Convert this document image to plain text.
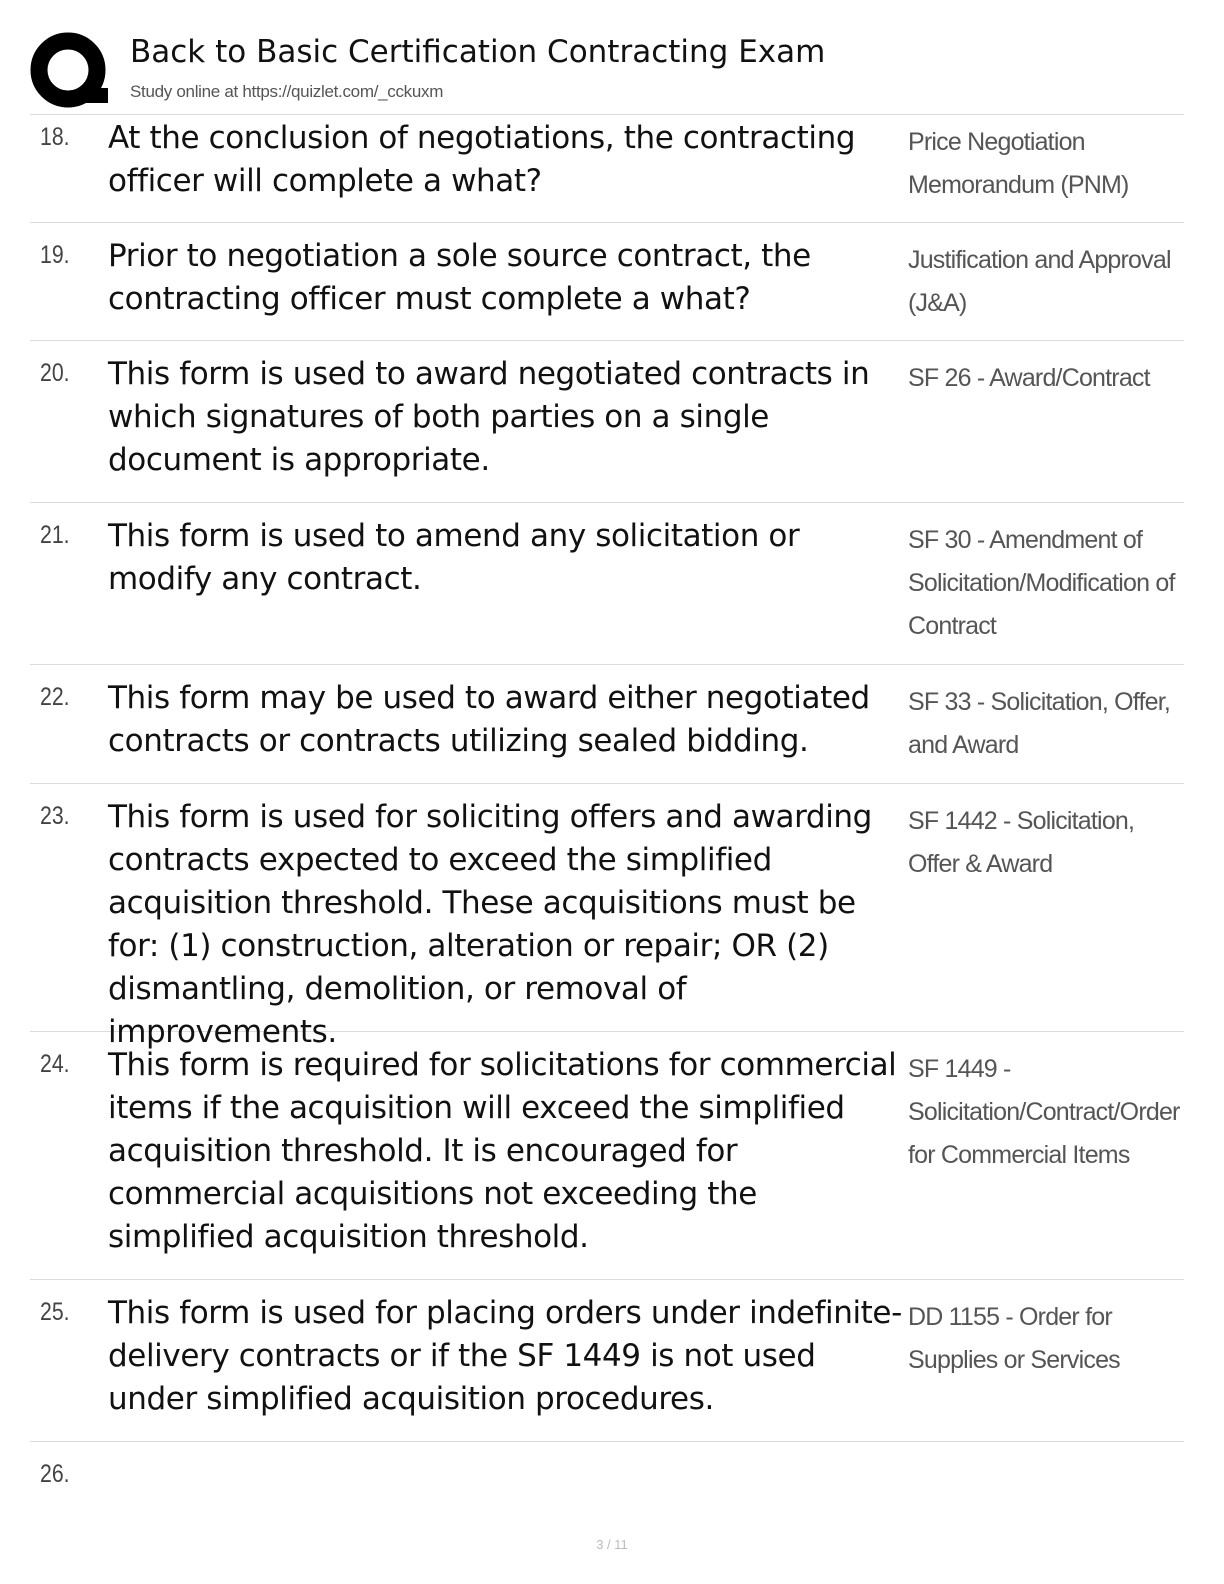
Back to Basic Certification Contracting Exam
Study online at https://quizlet.com/_cckuxm
18. At the conclusion of negotiations, the contracting officer will complete a what?
Price Negotiation Memorandum (PNM)
19. Prior to negotiation a sole source contract, the contracting officer must complete a what?
Justification and Approval (J&A)
20. This form is used to award negotiated contracts in which signatures of both parties on a single document is appropriate.
SF 26 - Award/Contract
21. This form is used to amend any solicitation or modify any contract.
SF 30 - Amendment of Solicitation/Modification of Contract
22. This form may be used to award either negotiated contracts or contracts utilizing sealed bidding.
SF 33 - Solicitation, Offer, and Award
23. This form is used for soliciting offers and awarding contracts expected to exceed the simplified acquisition threshold. These acquisitions must be for: (1) construction, alteration or repair; OR (2) dismantling, demolition, or removal of improvements.
SF 1442 - Solicitation, Offer & Award
24. This form is required for solicitations for commercial items if the acquisition will exceed the simplified acquisition threshold. It is encouraged for commercial acquisitions not exceeding the simplified acquisition threshold.
SF 1449 - Solicitation/Contract/Order for Commercial Items
25. This form is used for placing orders under indefinite-delivery contracts or if the SF 1449 is not used under simplified acquisition procedures.
DD 1155 - Order for Supplies or Services
26.
3 / 11
